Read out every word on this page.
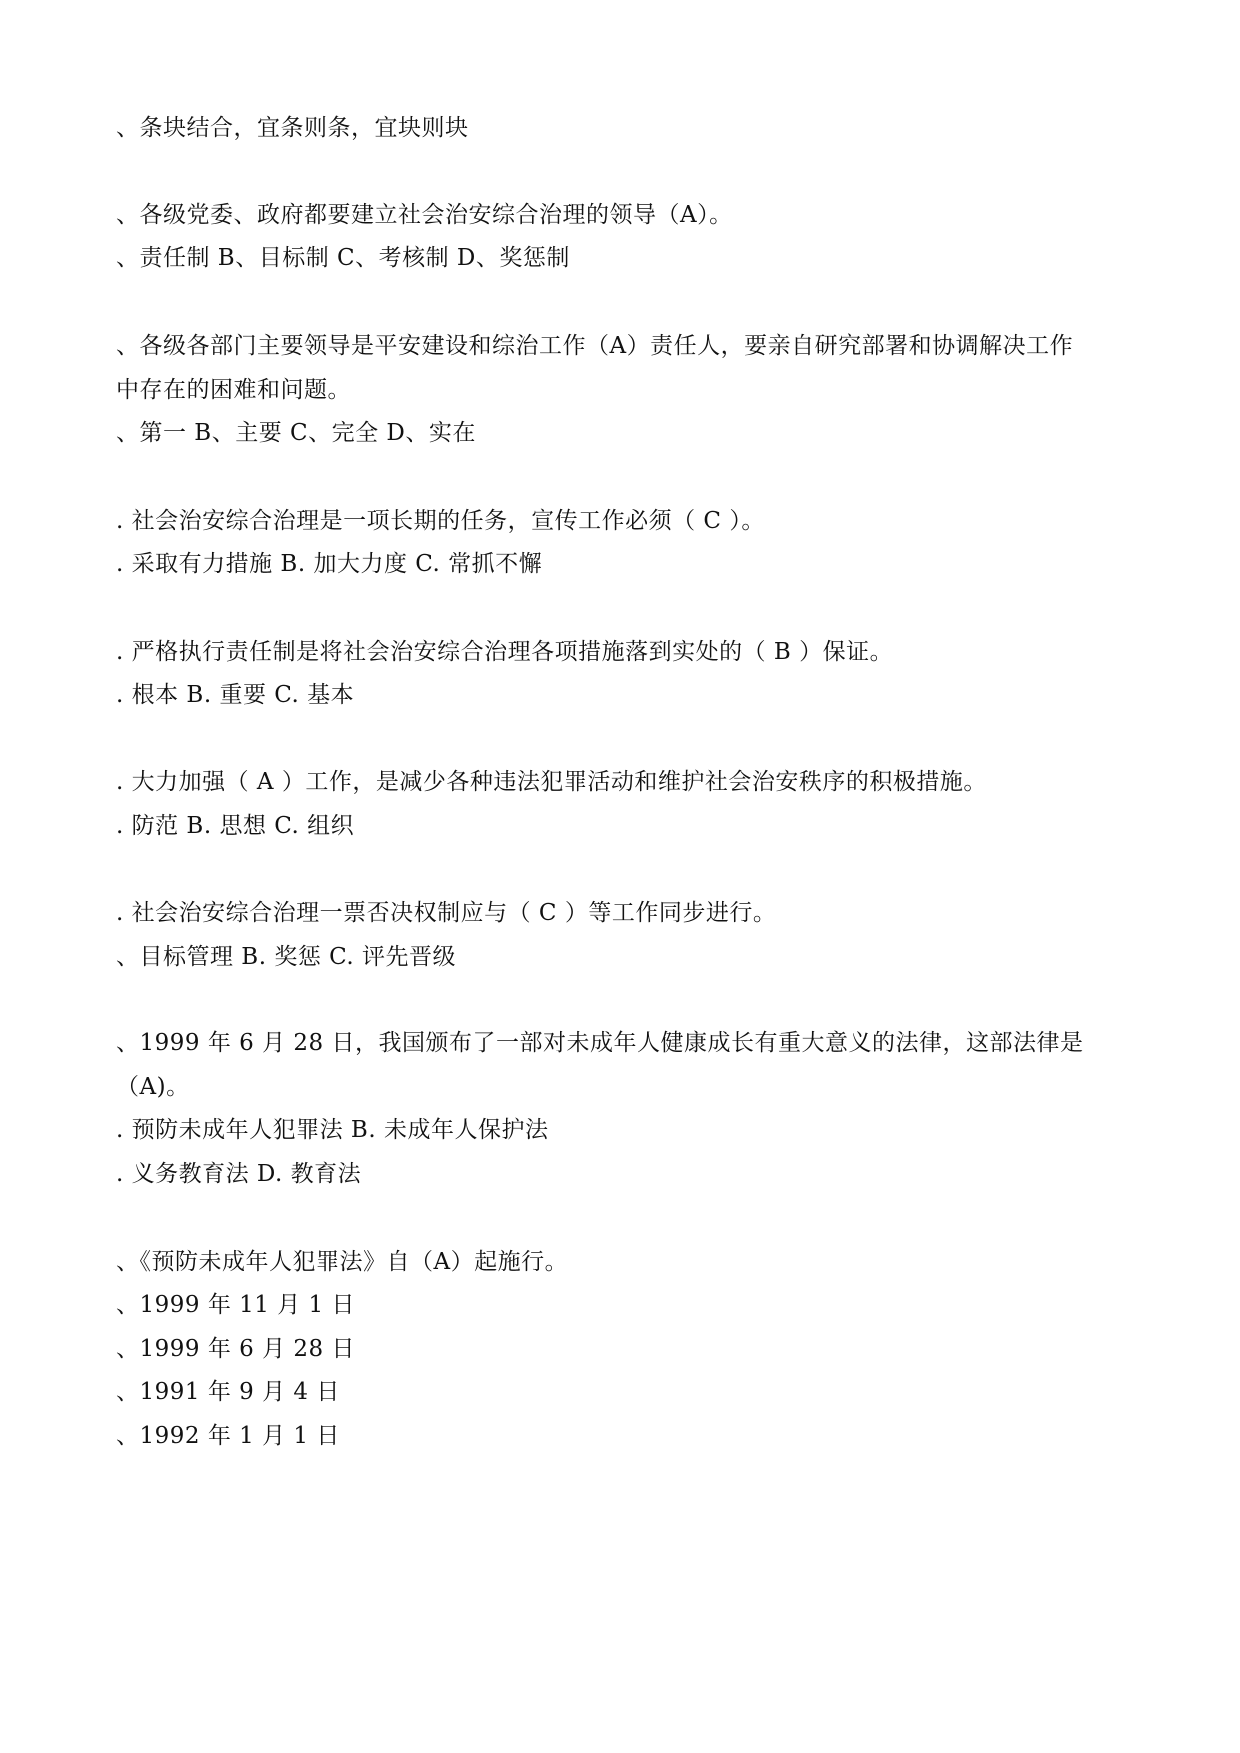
、条块结合，宜条则条，宜块则块
、各级党委、政府都要建立社会治安综合治理的领导（A）。
、责任制 B、目标制 C、考核制 D、奖惩制
、各级各部门主要领导是平安建设和综治工作（A）责任人，要亲自研究部署和协调解决工作
中存在的困难和问题。
、第一 B、主要 C、完全 D、实在
. 社会治安综合治理是一项长期的任务，宣传工作必须（ C ）。
. 采取有力措施 B. 加大力度 C. 常抓不懈
. 严格执行责任制是将社会治安综合治理各项措施落到实处的（ B ）保证。
. 根本 B. 重要 C. 基本
. 大力加强（ A ）工作，是减少各种违法犯罪活动和维护社会治安秩序的积极措施。
. 防范 B. 思想 C. 组织
. 社会治安综合治理一票否决权制应与（ C ）等工作同步进行。
、目标管理 B. 奖惩 C. 评先晋级
、1999 年 6 月 28 日，我国颁布了一部对未成年人健康成长有重大意义的法律，这部法律是
（A)。
. 预防未成年人犯罪法 B. 未成年人保护法
. 义务教育法 D. 教育法
、《预防未成年人犯罪法》自（A）起施行。
、1999 年 11 月 1 日
、1999 年 6 月 28 日
、1991 年 9 月 4 日
、1992 年 1 月 1 日
